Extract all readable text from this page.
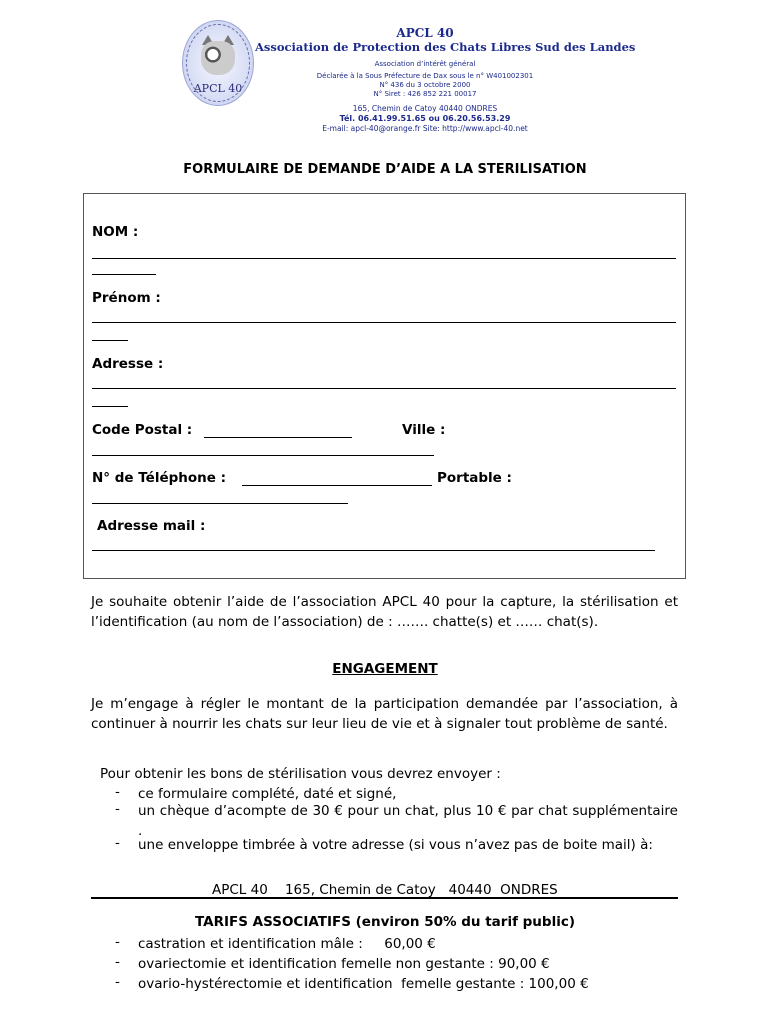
APCL 40
APCL 40
Association de Protection des Chats Libres Sud des Landes
Association d’intérêt général
Déclarée à la Sous Préfecture de Dax sous le n° W401002301
N° 436 du 3 octobre 2000
N° Siret : 426 852 221 00017
165, Chemin de Catoy 40440 ONDRES
Tél. 06.41.99.51.65 ou 06.20.56.53.29
E-mail: apcl-40@orange.fr Site: http://www.apcl-40.net
FORMULAIRE DE DEMANDE D’AIDE A LA STERILISATION
NOM :
Prénom :
Adresse :
Code Postal :	Ville :
N° de Téléphone :	Portable :
Adresse mail :
Je souhaite obtenir l’aide de l’association APCL 40 pour la capture, la stérilisation et l’identification (au nom de l’association) de : ……. chatte(s) et …… chat(s).
ENGAGEMENT
Je m’engage à régler le montant de la participation demandée par l’association, à continuer à nourrir les chats sur leur lieu de vie et à signaler tout problème de santé.
Pour obtenir les bons de stérilisation vous devrez envoyer :
- ce formulaire complété, daté et signé,
- un chèque d’acompte de 30 € pour un chat, plus 10 € par chat supplémentaire .
- une enveloppe timbrée à votre adresse (si vous n’avez pas de boite mail) à:
APCL 40    165, Chemin de Catoy   40440  ONDRES
TARIFS ASSOCIATIFS (environ 50% du tarif public)
- castration et identification mâle :     60,00 €
- ovariectomie et identification femelle non gestante : 90,00 €
- ovario-hystérectomie et identification  femelle gestante : 100,00 €
